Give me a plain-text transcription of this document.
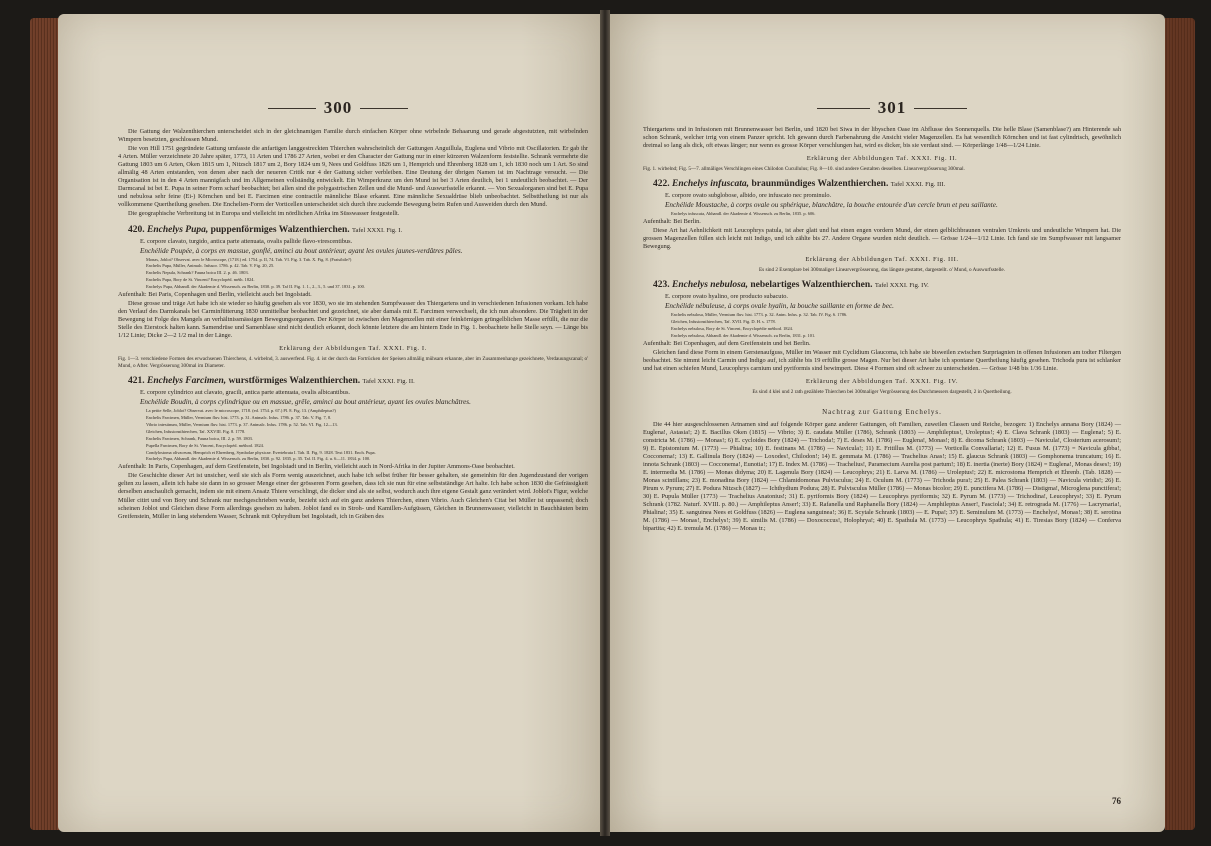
300

Die Gattung der Walzenthierchen unterscheidet sich in der gleichnamigen Familie durch einfachen Körper ohne wirbelnde Behaarung und gerade abgestutzten, mit wirbelnden Wimpern besetzten, geschlossen Mund.

Die von Hill 1751 gegründete Gattung umfasste die anfartigen langgestreckten Thierchen wahrscheinlich der Gattungen Anguillula, Euglena und Vibrio mit Oscillatorien. Er gab ihr 4 Arten. Müller verzeichnete 20 Jahre später, 1773, 11 Arten und 1786 27 Arten, wobei er den Character der Gattung nur in einer kürzeren Walzenform feststellte. Schrank vermehrte die Gattung 1803 um 6 Arten, Oken 1815 um 1, Nitzsch 1817 um 2, Bory 1824 um 9, Nees und Goldfuss 1826 um 1, Hemprich und Ehrenberg 1828 um 1, ich 1830 noch um 1 Art. So sind allmälig 48 Arten entstanden, von denen aber nach der neueren Critik nur 4 der Gattung sicher verbleiben. Eine Deutung der übrigen Namen ist im Nachtrage versucht. — Die Organisation ist in den 4 Arten mannigfach und im Allgemeinen vollständig entwickelt. Ein Wimperkranz um den Mund ist bei 3 Arten deutlich, bei 1 undeutlich beobachtet. — Der Darmcanal ist bei E. Pupa in seiner Form scharf beobachtet; bei allen sind die polygastrischen Zellen und die Mund- und Auswurfsstelle erkannt. — Von Sexualorganen sind bei E. Pupa und nebulosa sehr feine (Ei-) Körnchen und bei E. Farcimen eine contractile männliche Blase erkannt. Eine männliche Sexualdrüse blieb unbeobachtet. Selbsttheilung ist nur als vollkommene Quertheilung gesehen. Die Enchelien-Form der Vorticellen unterscheidet sich durch ihre zuckende Bewegung beim Rufen und Ausweiden durch den Mund.

Die geographische Verbreitung ist in Europa und vielleicht im nördlichen Afrika im Süsswasser festgestellt.

420. Enchelys Pupa, puppenförmiges Walzenthierchen. Tafel XXXI. Fig. I.

E. corpore clavato, turgido, antica parte attenuata, ovalis pallide flavo-virescentibus.

Enchélide Poupée, à corps en massue, gonflé, aminci au bout antérieur, ayant les ovules jaunes-verdâtres pâles.

Monas, Joblot? Observat. avec le Microscope, (1718.) ed. 1754. p. II, 74. Tab. VI. Fig. 3. Tab. X. Fig. 8. (Fraisibile?)

Enchelis Pupa, Müller, Animalc. Infusor. 1786. p. 42. Tab. V. Fig. 20, 25.

Enchelis Nepula, Schrank? Fauna boica III. 2. p. 46. 1803.

Enchelis Pupa, Bory de St. Vincent? Encyclopéd. méth. 1824.

Enchelys Pupa, Abhandl. der Akademie d. Wissensch. zu Berlin, 1830. p. 39. Taf II. Fig. 1. 1., 2., 3., 5. und 37. 1831. p. 100.

Aufenthalt: Bei Paris, Copenhagen und Berlin, vielleicht auch bei Ingolstadt.

Diese grosse und träge Art habe ich sie wieder so häufig gesehen als vor 1830, wo sie im stehenden Sumpfwasser des Thiergartens und in verschiedenen Infusionen vorkam. Ich habe den Verlauf des Darmkanals bei Carminfütterung 1830 unmittelbar beobachtet und gezeichnet, sie aber damals mit E. Farcimen verwechselt, die ich nun absondere. Die Trägheit in der Bewegung ist Folge des Mangels an verhältnissmässigen Bewegungsorganen. Der Körper ist zwischen den Magenzellen mit einer feinkörnigen grüngelblichen Masse erfüllt, die nur die Stelle des Eierstock halten kann. Samendrüse und Samenblase sind nicht deutlich erkannt, doch könnte letztere die am hintern Ende in Fig. 1. beobachtete helle Stelle seyn. — Länge bis 1/12 Linie; Dicke 2—2 1/2 mal in der Länge.

Erklärung der Abbildungen Taf. XXXI. Fig. I.

Fig. 1—3. verschiedene Formen des erwachsenen Thierchens, 4. wirbelnd, 3. auswerfend. Fig. 4. ist der durch das Fortrücken der Speisen allmälig mühsam erkannte, aber im Zusammenhange gezeichnete, Verdauungscanal; o' Mund, o After. Vergrösserung 300mal im Diameter.

421. Enchelys Farcimen, wurstförmiges Walzenthierchen. Tafel XXXI. Fig. II.

E. corpore cylindrico aut clavato, gracili, antica parte attenuata, ovalis albicantibus.

Enchélide Boudin, à corps cylindrique ou en massue, grêle, aminci au bout antérieur, ayant les ovules blanchâtres.

La petite Selle, Joblot? Observat. avec le microscope, 1718. (ed. 1754. p. 67.) Pl. 8. Fig. 13. (Amphileptus?)

Enchelis Farcimen, Müller, Vermium fluv. hist. 1773. p. 31. Animalc. Infus. 1786. p. 37. Tab. V. Fig. 7, 8.

Vibrio intestinum, Müller, Vermium fluv. hist. 1773. p. 37. Animalc. Infus. 1786. p. 52. Tab. VI. Fig. 12—13.

Gleichen, Infusionsthierchen, Taf. XXVIII. Fig. 8. 1778.

Enchelis Farcimen, Schrank, Fauna boica, III. 2. p. 59. 1803.

Pupella Farcimen, Bory de St. Vincent, Encyclopéd. méthod. 1824.

Condylostoma olivaceum, Hemprich et Ehrenberg, Symbolae physicae. Evertebrata I. Tab. II. Fig. 9. 1828. Text 1831. Ench. Pupa.

Enchelys Pupa, Abhandl. der Akademie d. Wissensch. zu Berlin, 1830. p. 92. 1835. p. 35. Taf. II. Fig. 4. u. 6—11. 1834. p. 100.

Aufenthalt: In Paris, Copenhagen, auf dem Greifenstein, bei Ingolstadt und in Berlin, vielleicht auch in Nord-Afrika in der Jupiter Ammons-Oase beobachtet.

Die Geschichte dieser Art ist unsicher, weil sie sich als Form wenig auszeichnet, auch habe ich selbst früher für besser gehalten, sie gemeinhin für den Jugendzustand der vorigen gelten zu lassen, allein ich habe sie dann in so grosser Menge einer der grösseren Form gesehen, dass ich sie nun für eine selbstständige Art halte. Ich habe schon 1830 die Gefrässigkeit derselben anschaulich gemacht, indem sie mit einem Ansatz Thiere verschlingt, die dicker sind als sie selbst, wodurch auch ihre eigene Gestalt ganz verändert wird. Joblot's Figur, welche Müller citirt und von Bory und Schrank nur mechgeschrieben wurde, bezieht sich auf ein ganz anderes Thierchen, einen Vibrio. Auch Gleichen's Citat bei Müller ist unpassend; doch scheinen Joblot und Gleichen diese Form allerdings gesehen zu haben. Joblot fand es in Stroh- und Kamillen-Aufgüssen, Gleichen in Brunnenwasser, vielleicht in Bauchhäuten beim Greifenstein, Müller in lang stehendem Wasser, Schrank mit Ophrydium bei Ingolstadt, ich in Gräben des

301

Thiergartens und in Infusionen mit Brunnenwasser bei Berlin, und 1820 bei Siwa in der libyschen Oase im Abflusse des Sonnenquells. Die helle Blase (Samenblase?) am Hinterende sah schon Schrank, welcher irrig von einem Panzer spricht. Ich gewann durch Farbenahrung die Ansicht vieler Magenzellen. Es hat wesentlich Körnchen und ist fast cylindrisch, gewöhnlich dreimal so lang als dick, oft etwas länger; nur wenn es grosse Körper verschlungen hat, wird es dicker, bis sie verdaut sind. — Körperlänge 1/48—1/24 Linie.

Erklärung der Abbildungen Taf. XXXI. Fig. II.

Fig. 1. wirbelnd; Fig. 5—7. allmäliges Verschlingen eines Chilodon Cucullulus; Fig. 8—10. sind andere Gestalten desselben. Linearvergrösserung 300mal.

422. Enchelys infuscata, braunmündiges Walzenthierchen. Tafel XXXI. Fig. III.

E. corpore ovato subglobose, albido, ore infuscato nec prominulo.

Enchélide Moustache, à corps ovale ou sphérique, blanchâtre, la bouche entourée d'un cercle brun et peu saillante.

Enchelys infuscata, Abhandl. der Akademie d. Wissensch. zu Berlin, 1835. p. 606.

Aufenthalt: Bei Berlin.

Diese Art hat Aehnlichkeit mit Leucophrys patula, ist aber glatt und hat einen engen vordern Mund, der einen gelblichbraunen ventralen Umkreis und undeutliche Wimpern hat. Die grossen Magenzellen füllen sich leicht mit Indigo, und ich zählte bis 27. Andere Organe wurden nicht deutlich. — Grösse 1/24—1/12 Linie. Ich fand sie im Sumpfwasser mit langsamer Bewegung.

Erklärung der Abbildungen Taf. XXXI. Fig. III.

Es sind 2 Exemplare bei 300maliger Linearvergrösserung, das längste gestattet, dargestellt. o' Mund, o Auswurfsstelle.

423. Enchelys nebulosa, nebelartiges Walzenthierchen. Tafel XXXI. Fig. IV.

E. corpore ovato hyalino, ore producto subacuto.

Enchélide nébuleuse, à corps ovale hyalin, la bouche saillante en forme de bec.

Enchelis nebulosa, Müller, Vermium fluv. hist. 1773. p. 32. Anim. Infus. p. 32. Tab. IV. Fig. 6. 1786.

Gleichen, Infusionsthierchen, Taf. XVII. Fig. D. H. s. 1778.

Enchelys nebulosa, Bory de St. Vincent, Encyclopédie méthod. 1824.

Enchelys nebulosa, Abhandl. der Akademie d. Wissensch. zu Berlin, 1831. p. 101.

Aufenthalt: Bei Copenhagen, auf dem Greifenstein und bei Berlin.

Gleichen fand diese Form in einem Gerstenaufguss, Müller im Wasser mit Cyclidium Glaucoma, ich habe sie bisweilen zwischen Surpriagnien in offenen Infusionen am todter Filtergen beobachtet. Sie nimmt leicht Carmin und Indigo auf, ich zählte bis 19 erfüllte grosse Magen. Nur bei dieser Art habe ich spontane Quertheilung häufig gesehen. Trichoda pura ist schlanker und hat einen schiefen Mund, Leucophrys carnium und pyriformis sind bewimpert. Diese 4 Formen sind oft schwer zu unterscheiden. — Grösse 1/48 bis 1/36 Linie.

Erklärung der Abbildungen Taf. XXXI. Fig. IV.

Es sind 4 klei und 2 rath gezählete Thierchen bei 300maliger Vergrösserung des Durchmessers dargestellt, 2 in Quertheilung.

Nachtrag zur Gattung Enchelys.

Die 44 hier ausgeschlossenen Artnamen sind auf folgende Körper ganz anderer Gattungen, oft Familien, zuweilen Classen und Reiche, bezogen: 1) Enchelys annana Bory (1824) — Euglena!, Astasia!; 2) E. Bacillus Oken (1815) — Vibrio; 3) E. caudata Müller (1786), Schrank (1803) — Amphileptus!, Uroleptus!; 4) E. Clava Schrank (1803) — Euglena!; 5) E. constricta M. (1786) — Monas!; 6) E. cycloides Bory (1824) — Trichoda!; 7) E. deses M. (1786) — Euglena!, Monas!; 8) E. dicoma Schrank (1803) — Navicula!, Closterium acerosum!; 9) E. Epistomium M. (1773) — Phialina; 10) E. festinans M. (1786) — Navicula!; 11) E. Fritillus M. (1773) — Vorticella Convallaria!; 12) E. Fusus M. (1773) = Navicula gibba!, Cocconema!; 13) E. Gallinula Bory (1824) — Loxodes!, Chilodon!; 14) E. gemmata M. (1786) — Trachelius Anas!; 15) E. glaucus Schrank (1803) — Gomphonema truncatum; 16) E. innota Schrank (1803) — Cocconema!, Eunotia!; 17) E. Index M. (1786) — Trachelius!, Paramecium Aurelia post partum!; 18) E. inertia (inerte) Bory (1824) = Euglena!, Monas deses!; 19) E. intermedia M. (1786) — Monas didyma; 20) E. Lagenula Bory (1824) — Leucophrys; 21) E. Larva M. (1786) — Uroleptus!; 22) E. microstoma Hemprich et Ehrenb. (Tab. 1828) — Monas scintillans; 23) E. monadina Bory (1824) — Chlamidomonas Pulvisculus; 24) E. Oculum M. (1773) — Trichoda pura!; 25) E. Palea Schrank (1803) — Navicula viridis!; 26) E. Pirum v. Pyrum; 27) E. Podura Nitzsch (1827) — Ichthydium Podura; 28) E. Pulvisculus Müller (1786) — Monas bicolor; 29) E. punctifera M. (1786) — Distigma!, Microglena punctifera!; 30) E. Pupula Müller (1773) — Trachelius Anatonius!; 31) E. pyriformis Bory (1824) — Leucophrys pyriformis; 32) E. Pyrum M. (1773) — Trichodina!, Leucophrys!; 33) E. Pyrum Schrank (1782. Naturf. XVIII. p. 80.) — Amphileptus Anser!; 33) E. Rafanella und Raphanella Bory (1824) — Amphileptus Anser!, Fasciola!; 34) E. retrograda M. (1776) — Lacrymaria!, Phialina!; 35) E. sanguinea Nees et Goldfuss (1826) — Euglena sanguinea!; 36) E. Scytale Schrank (1803) — E. Pupa!; 37) E. Seminulum M. (1773) — Enchelys!, Monas!; 38) E. serotina M. (1786) — Monas!, Enchelys!; 39) E. similis M. (1786) — Doxococcus!, Holophrya!; 40) E. Spathula M. (1773) — Leucophrys Spathula; 41) E. Tiresias Bory (1824) — Conferva bipartita; 42) E. tremula M. (1786) — Monas tr.;

76
